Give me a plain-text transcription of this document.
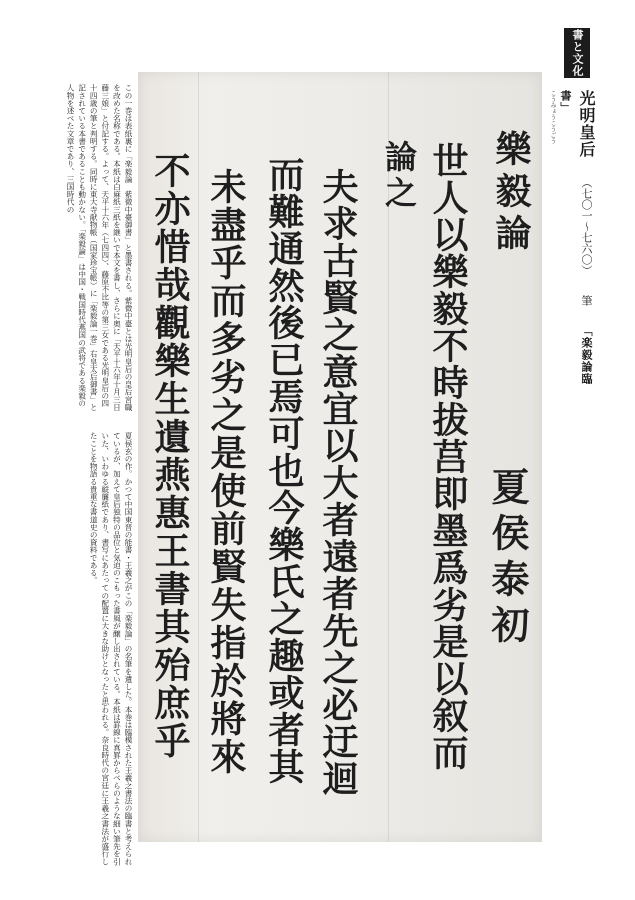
書と文化
光明皇后 （七〇一〜七六〇） 筆 「楽毅論臨書」
こうみょうこうごう
樂毅論
夏侯泰初
世人以樂毅不時拔莒即墨爲劣是以叙而
論之
夫求古賢之意宜以大者遠者先之必迂迴
而難通然後已焉可也今樂氏之趣或者其
未盡乎而多劣之是使前賢失指於將來
不亦惜哉觀樂生遺燕惠王書其殆庶乎
この一巻は表紙裏に「楽毅論　紫微中臺御書」と墨書される。紫微中臺とは光明皇后の皇后宮職を改めた名称である。本紙は白麻紙三紙を継いで本文を書し、さらに奥に「天平十六年十月三日　藤三娘」と付記する。よって、天平十六年（七四四）、藤原不比等の第三女である光明皇后の四十四歳の筆と判明する。同時に東大寺献物帳（国家珍宝帳）に「楽毅論一巻」右皇太后御書」と記されている本書であることも動かない。「楽毅論」は中国・戦国時代燕国の武将である楽毅の人物を述べた文章であり、三国時代の
夏侯玄の作。かつて中国東晋の能書・王羲之がこの「楽毅論」の名筆を遺した。本巻は臨模された王羲之書法の臨書と考えられているが、加えて皇后独特の品位と気迫のこもった書風が醸し出されている。本紙は罫線に真罫からべらのような細い筆先を引いた、いわゆる縦簾紙であり、書写にあたっての配置に大きな助けとなったと思われる。奈良時代の宮廷に王羲之書法が盛行したことを物語る貴重な書道史の資料である。
